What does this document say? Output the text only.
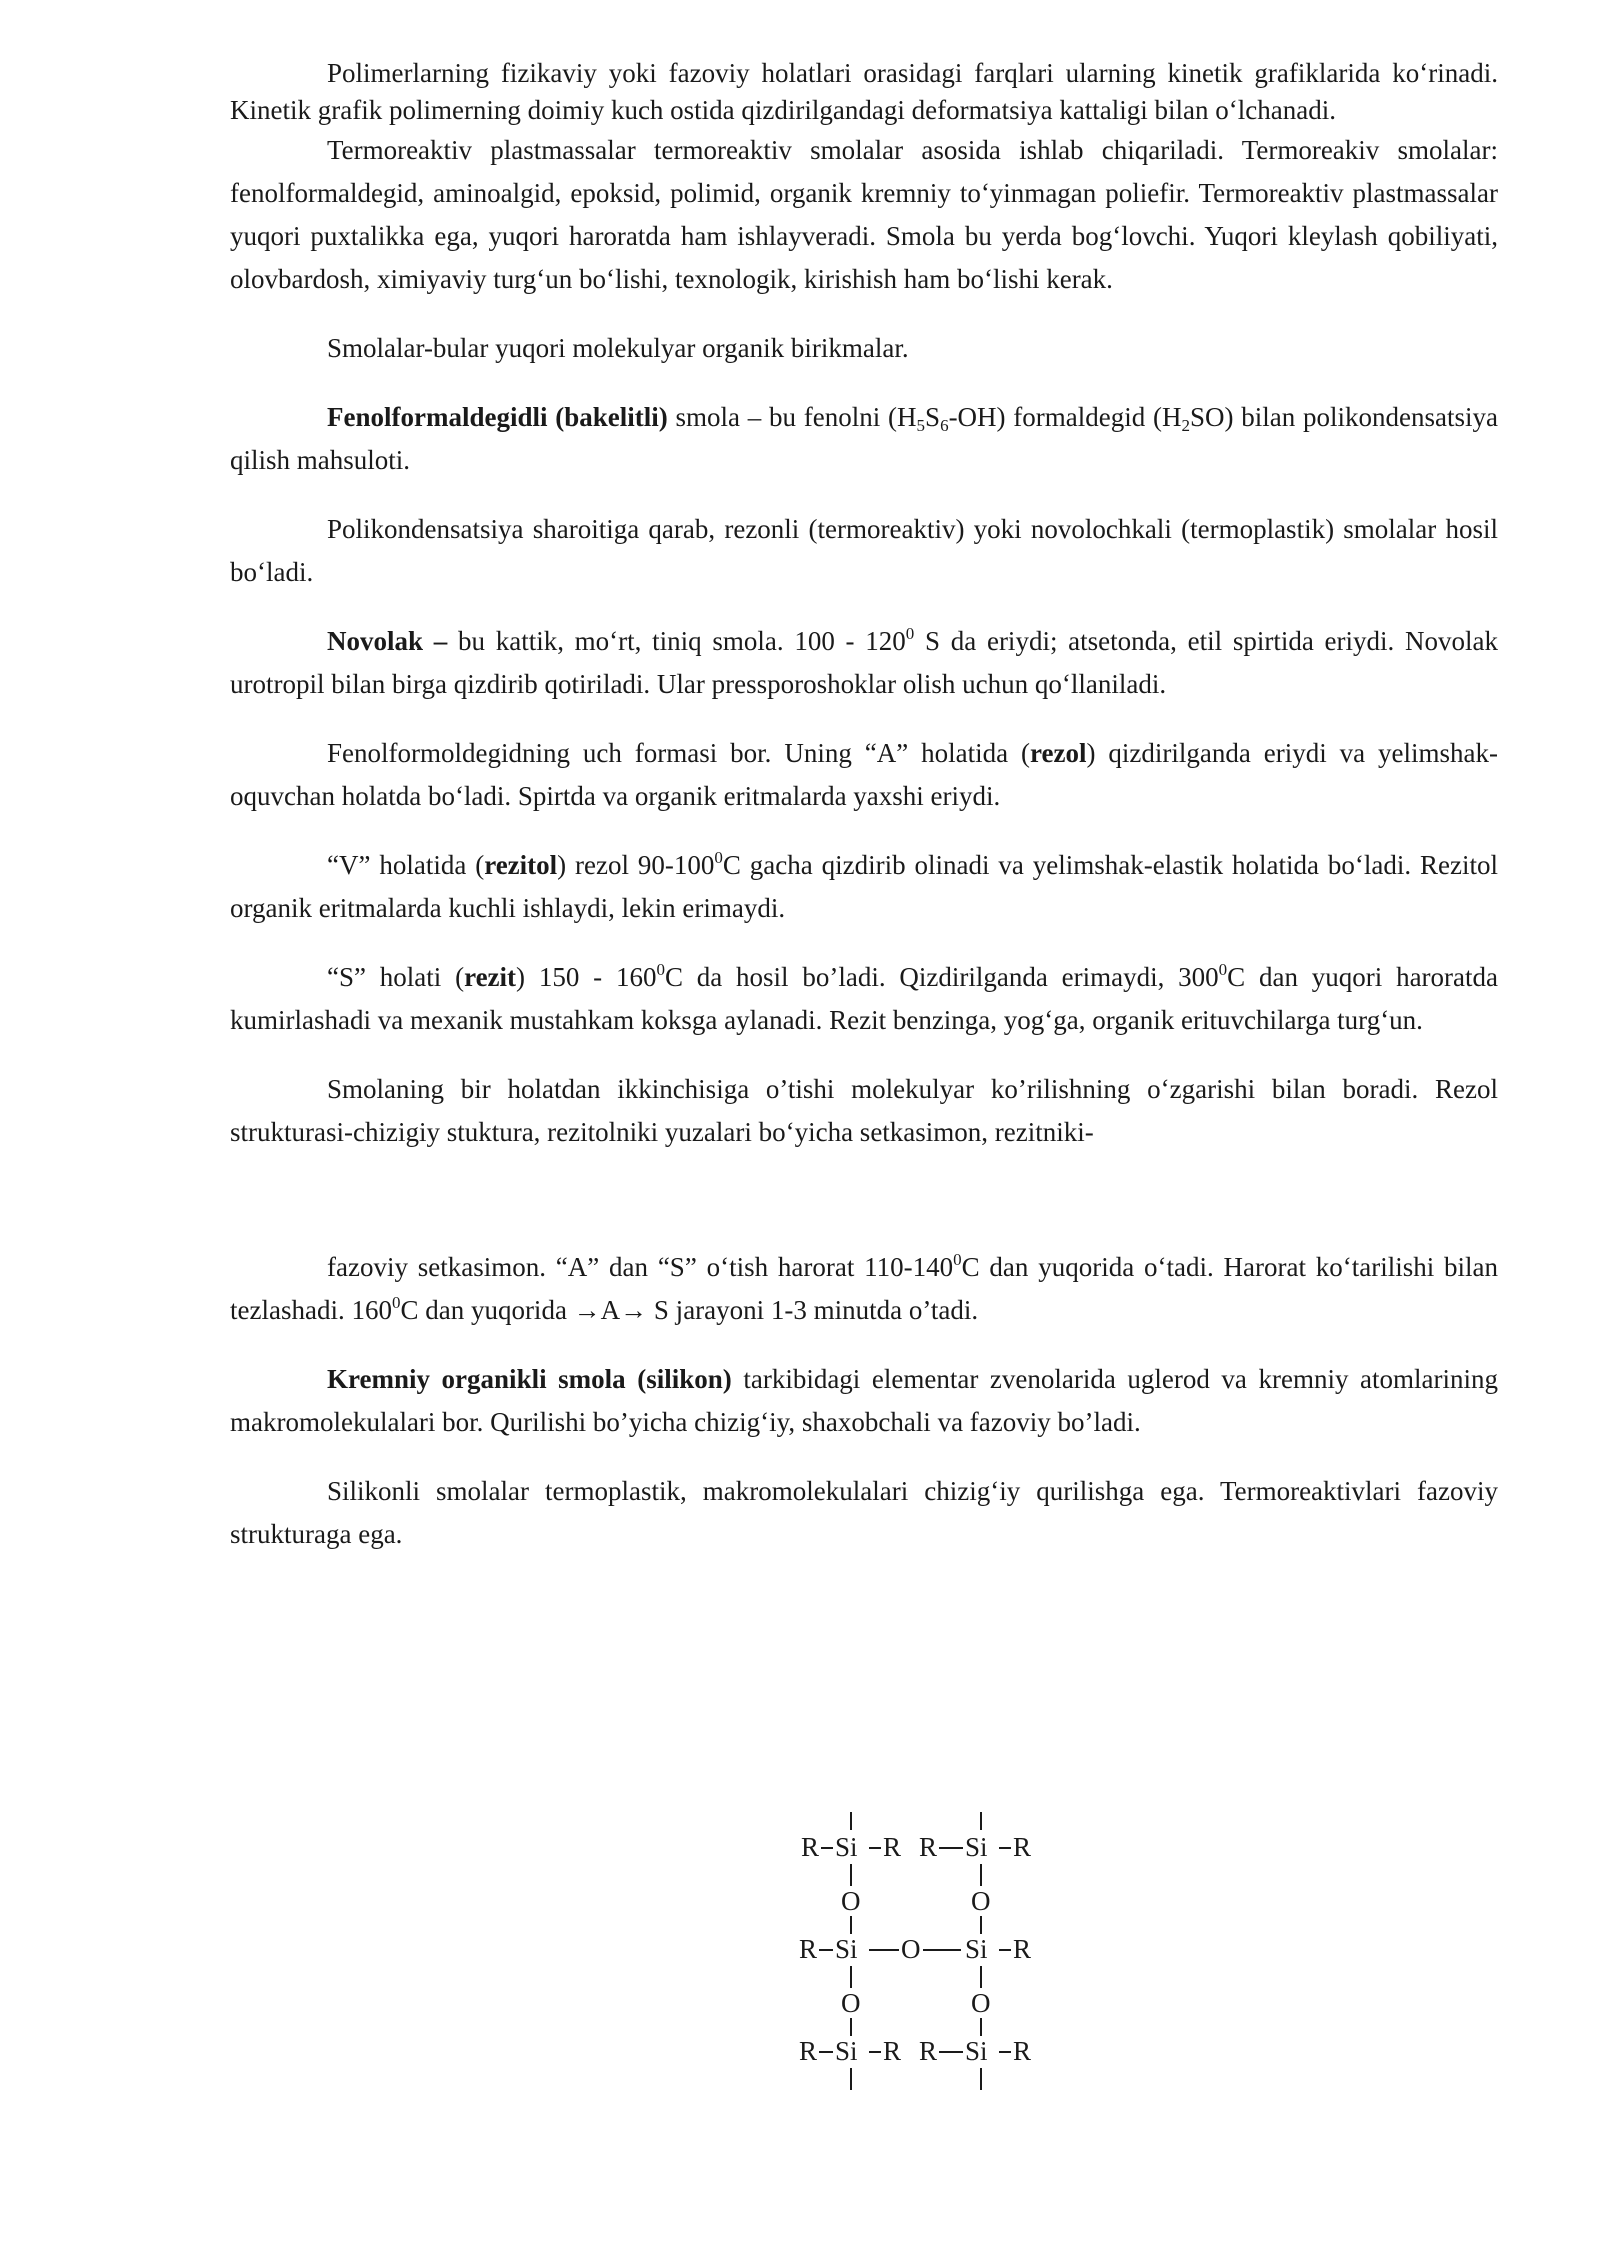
Polimerlarning fizikaviy yoki fazoviy holatlari orasidagi farqlari ularning kinetik grafiklarida ko‘rinadi. Kinetik grafik polimerning doimiy kuch ostida qizdirilgandagi deformatsiya kattaligi bilan o‘lchanadi.

Termoreaktiv plastmassalar termoreaktiv smolalar asosida ishlab chiqariladi. Termoreakiv smolalar: fenolformaldegid, aminoalgid, epoksid, polimid, organik kremniy to‘yinmagan poliefir. Termoreaktiv plastmassalar yuqori puxtalikka ega, yuqori haroratda ham ishlayveradi. Smola bu yerda bog‘lovchi. Yuqori kleylash qobiliyati, olovbardosh, ximiyaviy turg‘un bo‘lishi, texnologik, kirishish ham bo‘lishi kerak.

Smolalar-bular yuqori molekulyar organik birikmalar.

Fenolformaldegidli (bakelitli) smola – bu fenolni $(H_5S_6-OH)$ formaldegid $(H_2SO)$ bilan polikondensatsiya qilish mahsuloti.

Polikondensatsiya sharoitiga qarab, rezonli (termoreaktiv) yoki novolochkali (termoplastik) smolalar hosil bo‘ladi.

Novolak – bu kattik, mo‘rt, tiniq smola. $100 - 120^0$ S da eriydi; atsetonda, etil spirtida eriydi. Novolak urotropil bilan birga qizdirib qotiriladi. Ular pressporoshoklar olish uchun qo‘llaniladi.

Fenolformoldegidning uch formasi bor. Uning “A” holatida (rezol) qizdirilganda eriydi va yelimshak-oquvchan holatda bo‘ladi. Spirtda va organik eritmalarda yaxshi eriydi.

“V” holatida (rezitol) rezol $90-100^0C$ gacha qizdirib olinadi va yelimshak-elastik holatida bo‘ladi. Rezitol organik eritmalarda kuchli ishlaydi, lekin erimaydi.

“S” holati (rezit) $150 - 160^0C$ da hosil bo’ladi. Qizdirilganda erimaydi, $300^0C$ dan yuqori haroratda kumirlashadi va mexanik mustahkam koksga aylanadi. Rezit benzinga, yog‘ga, organik erituvchilarga turg‘un.

Smolaning bir holatdan ikkinchisiga o’tishi molekulyar ko’rilishning o‘zgarishi bilan boradi. Rezol strukturasi-chizigiy stuktura, rezitolniki yuzalari bo‘yicha setkasimon, rezitniki-

fazoviy setkasimon. “A” dan “S” o‘tish harorat $110-140^0C$ dan yuqorida o‘tadi. Harorat ko‘tarilishi bilan tezlashadi. $160^0C$ dan yuqorida →A→ S jarayoni 1-3 minutda o’tadi.

Kremniy organikli smola (silikon) tarkibidagi elementar zvenolarida uglerod va kremniy atomlarining makromolekulalari bor. Qurilishi bo’yicha chizig‘iy, shaxobchali va fazoviy bo’ladi.

Silikonli smolalar termoplastik, makromolekulalari chizig‘iy qurilishga ega. Termoreaktivlari fazoviy strukturaga ega.

R Si R R Si R
O	O
R Si O Si R
O	O
R Si R R Si R
